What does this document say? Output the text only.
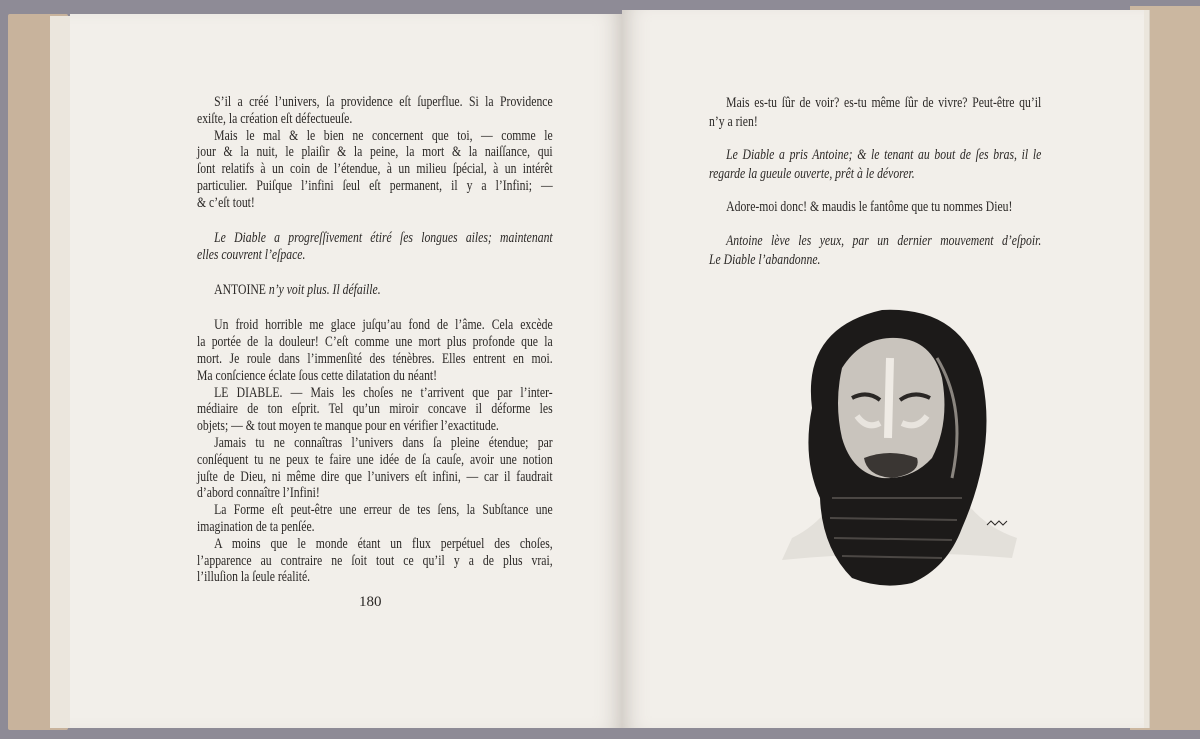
S’il a créé l’univers, ſa providence eſt ſuperflue. Si la Providence
exiſte, la création eſt défectueuſe.
Mais le mal & le bien ne concernent que toi, — comme le
jour & la nuit, le plaiſir & la peine, la mort & la naiſſance, qui
ſont relatifs à un coin de l’étendue, à un milieu ſpécial, à un intérêt
particulier. Puiſque l’infini ſeul eſt permanent, il y a l’Infini; —
& c’eſt tout!
Le Diable a progreſſivement étiré ſes longues ailes; maintenant
elles couvrent l’eſpace.
ANTOINE n’y voit plus. Il défaille.
Un froid horrible me glace juſqu’au fond de l’âme. Cela excède
la portée de la douleur! C’eſt comme une mort plus profonde que la
mort. Je roule dans l’immenſité des ténèbres. Elles entrent en moi.
Ma conſcience éclate ſous cette dilatation du néant!
LE DIABLE. — Mais les choſes ne t’arrivent que par l’inter-
médiaire de ton eſprit. Tel qu’un miroir concave il déforme les
objets; — & tout moyen te manque pour en vérifier l’exactitude.
Jamais tu ne connaîtras l’univers dans ſa pleine étendue; par
conſéquent tu ne peux te faire une idée de ſa cauſe, avoir une notion
juſte de Dieu, ni même dire que l’univers eſt infini, — car il faudrait
d’abord connaître l’Infini!
La Forme eſt peut-être une erreur de tes ſens, la Subſtance une
imagination de ta penſée.
A moins que le monde étant un flux perpétuel des choſes,
l’apparence au contraire ne ſoit tout ce qu’il y a de plus vrai,
l’illuſion la ſeule réalité.
180
Mais es-tu ſûr de voir? es-tu même ſûr de vivre? Peut-être qu’il
n’y a rien!
Le Diable a pris Antoine; & le tenant au bout de ſes bras, il le
regarde la gueule ouverte, prêt à le dévorer.
Adore-moi donc! & maudis le fantôme que tu nommes Dieu!
Antoine lève les yeux, par un dernier mouvement d’eſpoir.
Le Diable l’abandonne.
